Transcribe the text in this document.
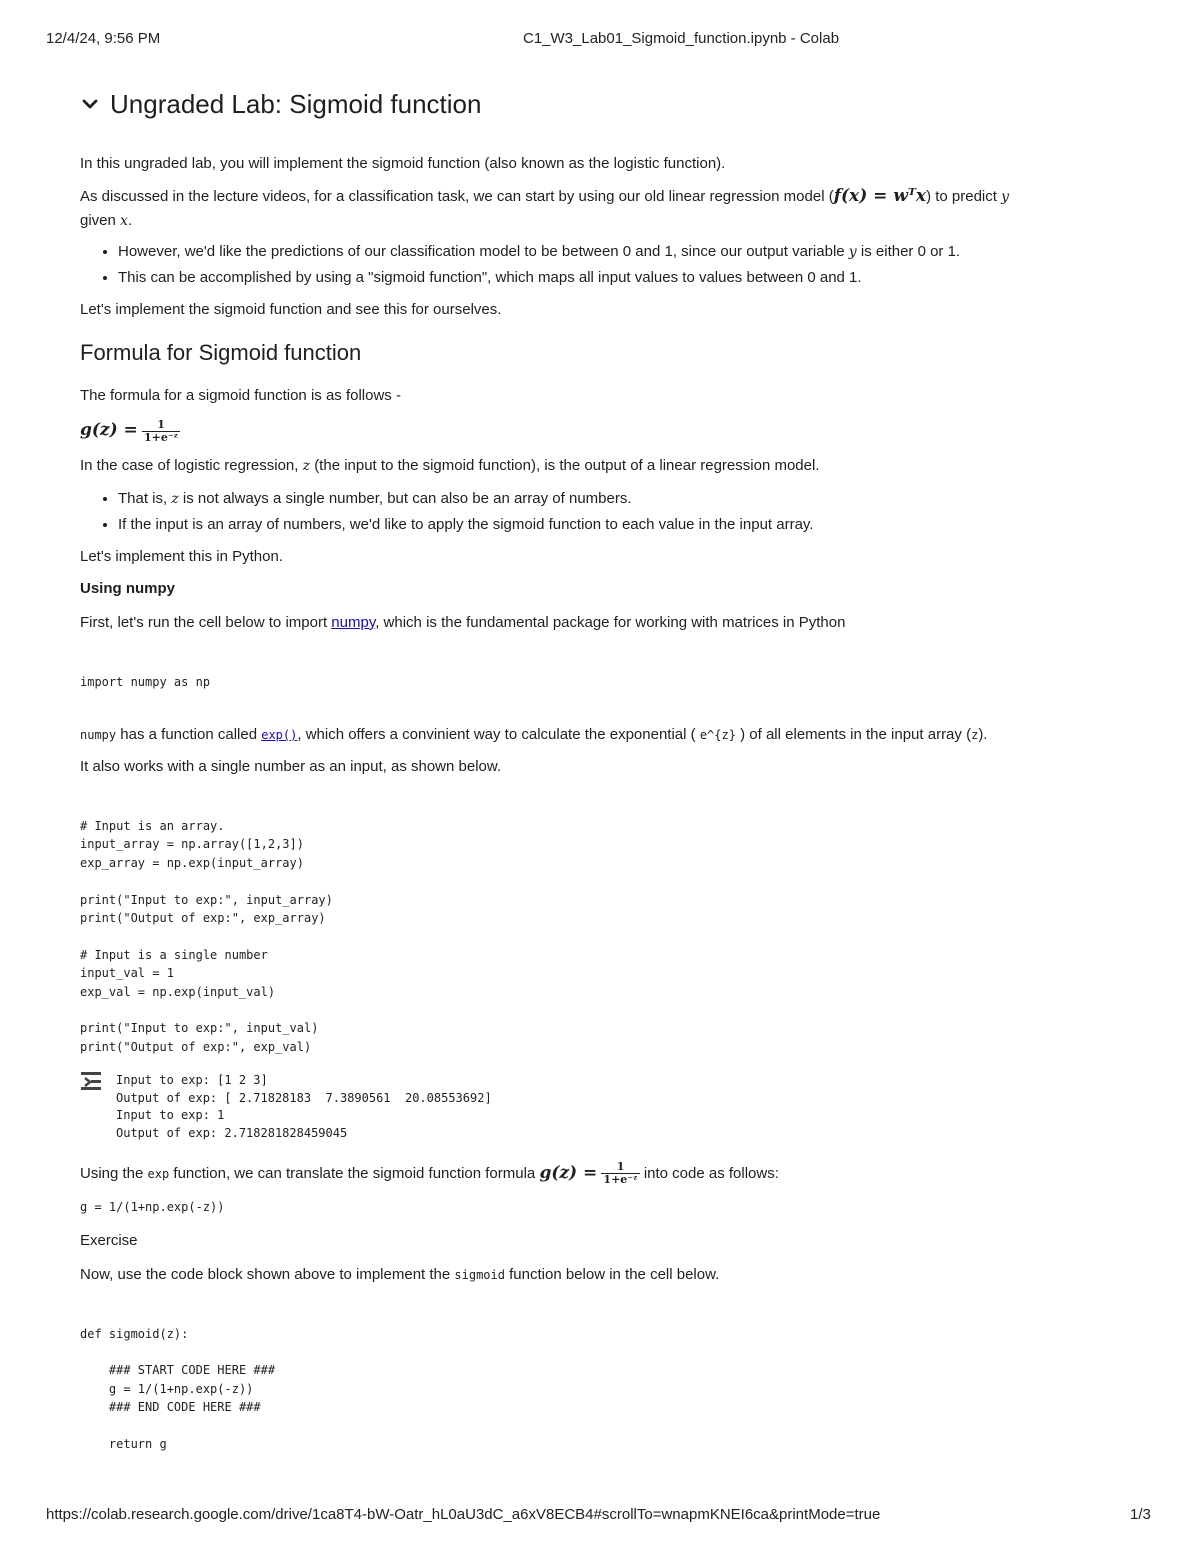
12/4/24, 9:56 PM	C1_W3_Lab01_Sigmoid_function.ipynb - Colab
Ungraded Lab: Sigmoid function

In this ungraded lab, you will implement the sigmoid function (also known as the logistic function).

As discussed in the lecture videos, for a classification task, we can start by using our old linear regression model (f(x) = wᵀx) to predict y
given x.

• However, we'd like the predictions of our classification model to be between 0 and 1, since our output variable y is either 0 or 1.
• This can be accomplished by using a "sigmoid function", which maps all input values to values between 0 and 1.

Let's implement the sigmoid function and see this for ourselves.

Formula for Sigmoid function

The formula for a sigmoid function is as follows -

$g(z) = \frac{1}{\text{1+e⁻ᶻ}}$

In the case of logistic regression, z (the input to the sigmoid function), is the output of a linear regression model.

• That is, z is not always a single number, but can also be an array of numbers.
• If the input is an array of numbers, we'd like to apply the sigmoid function to each value in the input array.

Let's implement this in Python.

Using numpy

First, let's run the cell below to import numpy, which is the fundamental package for working with matrices in Python

import numpy as np

numpy has a function called exp(), which offers a convinient way to calculate the exponential ( e^{z} ) of all elements in the input array (z).

It also works with a single number as an input, as shown below.

# Input is an array.
input_array = np.array([1,2,3])
exp_array = np.exp(input_array)

print("Input to exp:", input_array)
print("Output of exp:", exp_array)

# Input is a single number
input_val = 1
exp_val = np.exp(input_val)

print("Input to exp:", input_val)
print("Output of exp:", exp_val)
Input to exp: [1 2 3]
Output of exp: [ 2.71828183  7.3890561  20.08553692]
Input to exp: 1
Output of exp: 2.718281828459045

Using the exp function, we can translate the sigmoid function formula $g(z) = \frac{1}{\text{1+e⁻ᶻ}}$ into code as follows:

g = 1/(1+np.exp(-z))

Exercise

Now, use the code block shown above to implement the sigmoid function below in the cell below.

def sigmoid(z):

### START CODE HERE ###
g = 1/(1+np.exp(-z))
### END CODE HERE ###

return g
https://colab.research.google.com/drive/1ca8T4-bW-Oatr_hL0aU3dC_a6xV8ECB4#scrollTo=wnapmKNEI6ca&printMode=true	1/3
